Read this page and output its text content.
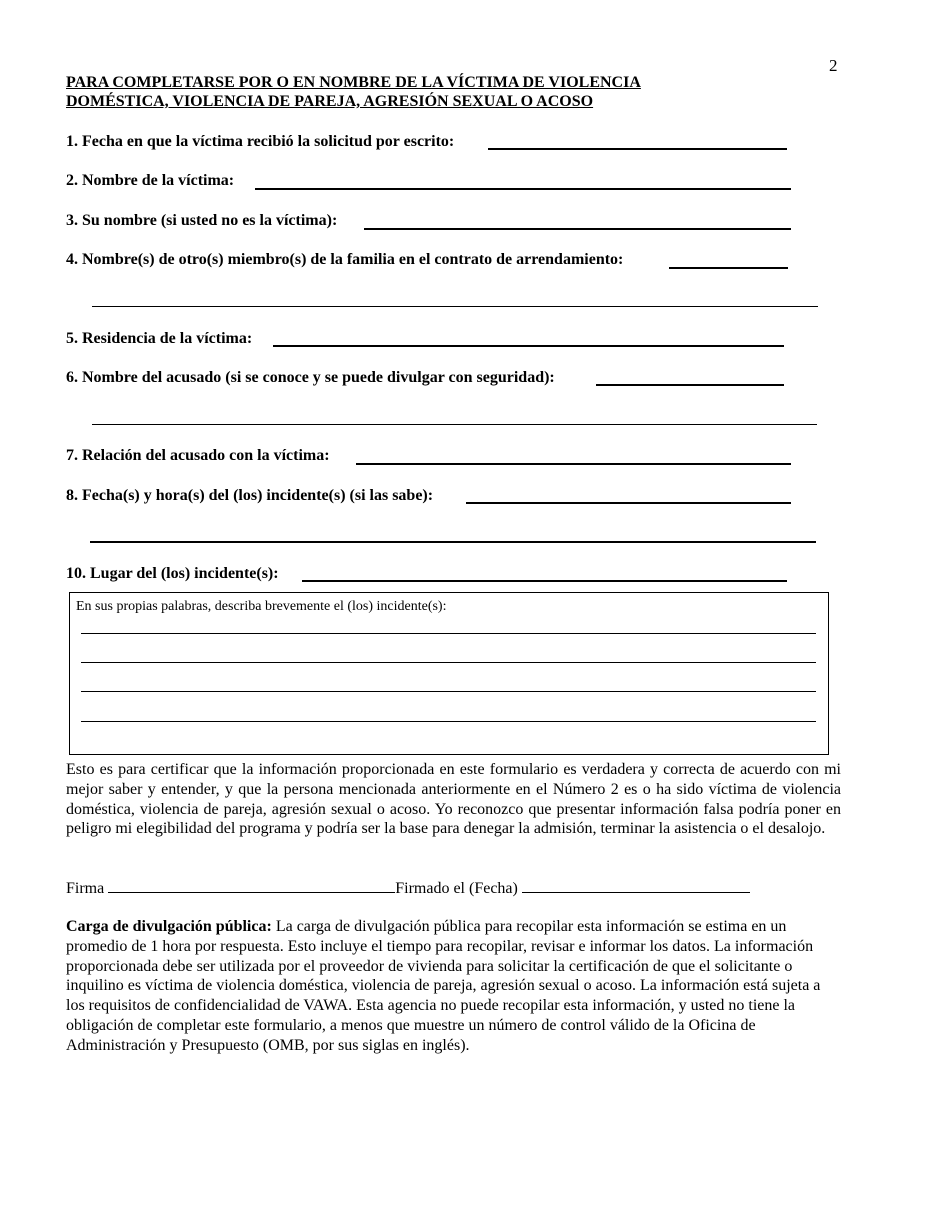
2
PARA COMPLETARSE POR O EN NOMBRE DE LA VÍCTIMA DE VIOLENCIA
DOMÉSTICA, VIOLENCIA DE PAREJA, AGRESIÓN SEXUAL O ACOSO
1. Fecha en que la víctima recibió la solicitud por escrito:
2. Nombre de la víctima:
3. Su nombre (si usted no es la víctima):
4. Nombre(s) de otro(s) miembro(s) de la familia en el contrato de arrendamiento:
5. Residencia de la víctima:
6. Nombre del acusado (si se conoce y se puede divulgar con seguridad):
7. Relación del acusado con la víctima:
8. Fecha(s) y hora(s) del (los) incidente(s) (si las sabe):
10. Lugar del (los) incidente(s):
En sus propias palabras, describa brevemente el (los) incidente(s):
Esto es para certificar que la información proporcionada en este formulario es verdadera y correcta de acuerdo con mi mejor saber y entender, y que la persona mencionada anteriormente en el Número 2 es o ha sido víctima de violencia doméstica, violencia de pareja, agresión sexual o acoso. Yo reconozco que presentar información falsa podría poner en peligro mi elegibilidad del programa y podría ser la base para denegar la admisión, terminar la asistencia o el desalojo.
Firma	Firmado el (Fecha)
Carga de divulgación pública: La carga de divulgación pública para recopilar esta información se estima en un promedio de 1 hora por respuesta. Esto incluye el tiempo para recopilar, revisar e informar los datos. La información proporcionada debe ser utilizada por el proveedor de vivienda para solicitar la certificación de que el solicitante o inquilino es víctima de violencia doméstica, violencia de pareja, agresión sexual o acoso. La información está sujeta a los requisitos de confidencialidad de VAWA. Esta agencia no puede recopilar esta información, y usted no tiene la obligación de completar este formulario, a menos que muestre un número de control válido de la Oficina de Administración y Presupuesto (OMB, por sus siglas en inglés).
